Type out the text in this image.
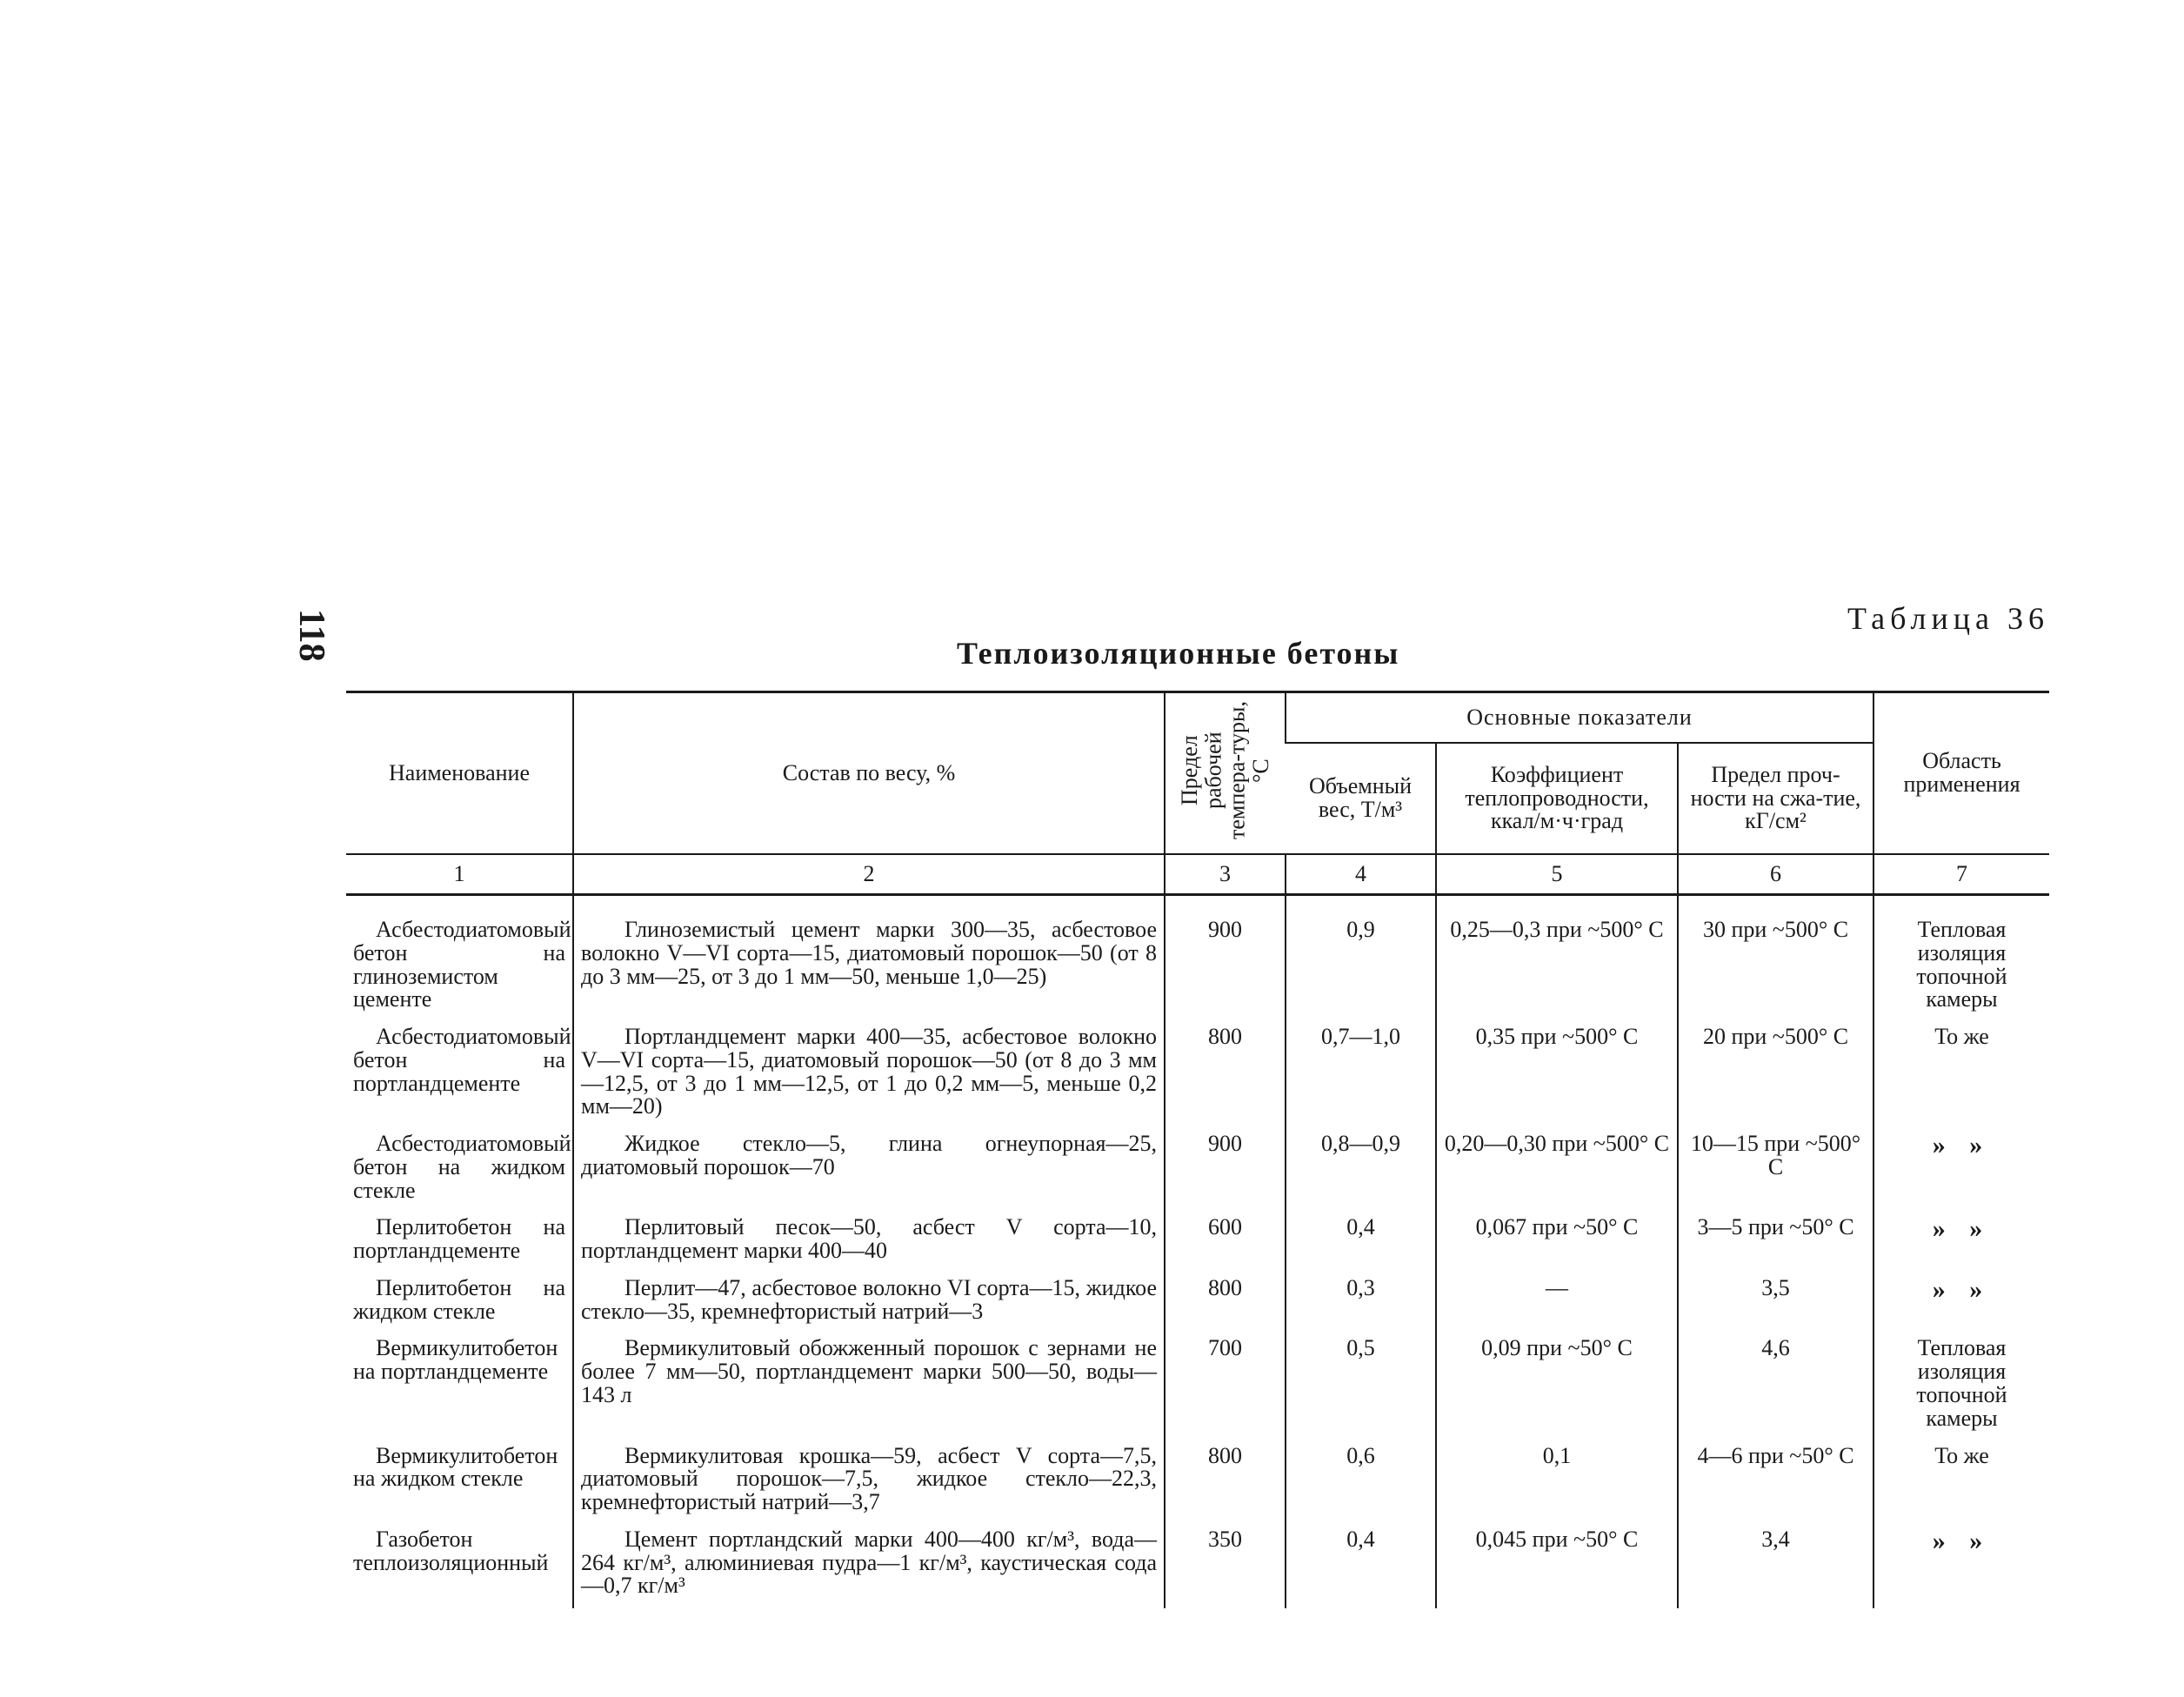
118	Таблица 36
Теплоизоляционные бетоны
Наименование	Состав по весу, %	Предел рабочей темпера-туры, °С	Основные показатели			Область применения
			Объемный вес, Т/м³	Коэффициент теплопроводности, ккал/м·ч·град	Предел проч-ности на сжа-тие, кГ/см²	
1	2	3	4	5	6	7
Асбестодиатомовый бетон на глиноземистом цементе	Глиноземистый цемент марки 300—35, асбестовое волокно V—VI сорта—15, диатомовый порошок—50 (от 8 до 3 мм—25, от 3 до 1 мм—50, меньше 1,0—25)	900	0,9	0,25—0,3 при ~500° С	30 при ~500° С	Тепловая изоляция топочной камеры
Асбестодиатомовый бетон на портландцементе	Портландцемент марки 400—35, асбестовое волокно V—VI сорта—15, диатомовый порошок—50 (от 8 до 3 мм—12,5, от 3 до 1 мм—12,5, от 1 до 0,2 мм—5, меньше 0,2 мм—20)	800	0,7—1,0	0,35 при ~500° С	20 при ~500° С	То же
Асбестодиатомовый бетон на жидком стекле	Жидкое стекло—5, глина огнеупорная—25, диатомовый порошок—70	900	0,8—0,9	0,20—0,30 при ~500° С	10—15 при ~500° С	» »
Перлитобетон на портландцементе	Перлитовый песок—50, асбест V сорта—10, портландцемент марки 400—40	600	0,4	0,067 при ~50° С	3—5 при ~50° С	» »
Перлитобетон на жидком стекле	Перлит—47, асбестовое волокно VI сорта—15, жидкое стекло—35, кремнефтористый натрий—3	800	0,3	—	3,5	» »
Вермикулитобетон на портландцементе	Вермикулитовый обожженный порошок с зернами не более 7 мм—50, портландцемент марки 500—50, воды—143 л	700	0,5	0,09 при ~50° С	4,6	Тепловая изоляция топочной камеры
Вермикулитобетон на жидком стекле	Вермикулитовая крошка—59, асбест V сорта—7,5, диатомовый порошок—7,5, жидкое стекло—22,3, кремнефтористый натрий—3,7	800	0,6	0,1	4—6 при ~50° С	То же
Газобетон теплоизоляционный	Цемент портландский марки 400—400 кг/м³, вода—264 кг/м³, алюминиевая пудра—1 кг/м³, каустическая сода—0,7 кг/м³	350	0,4	0,045 при ~50° С	3,4	» »
